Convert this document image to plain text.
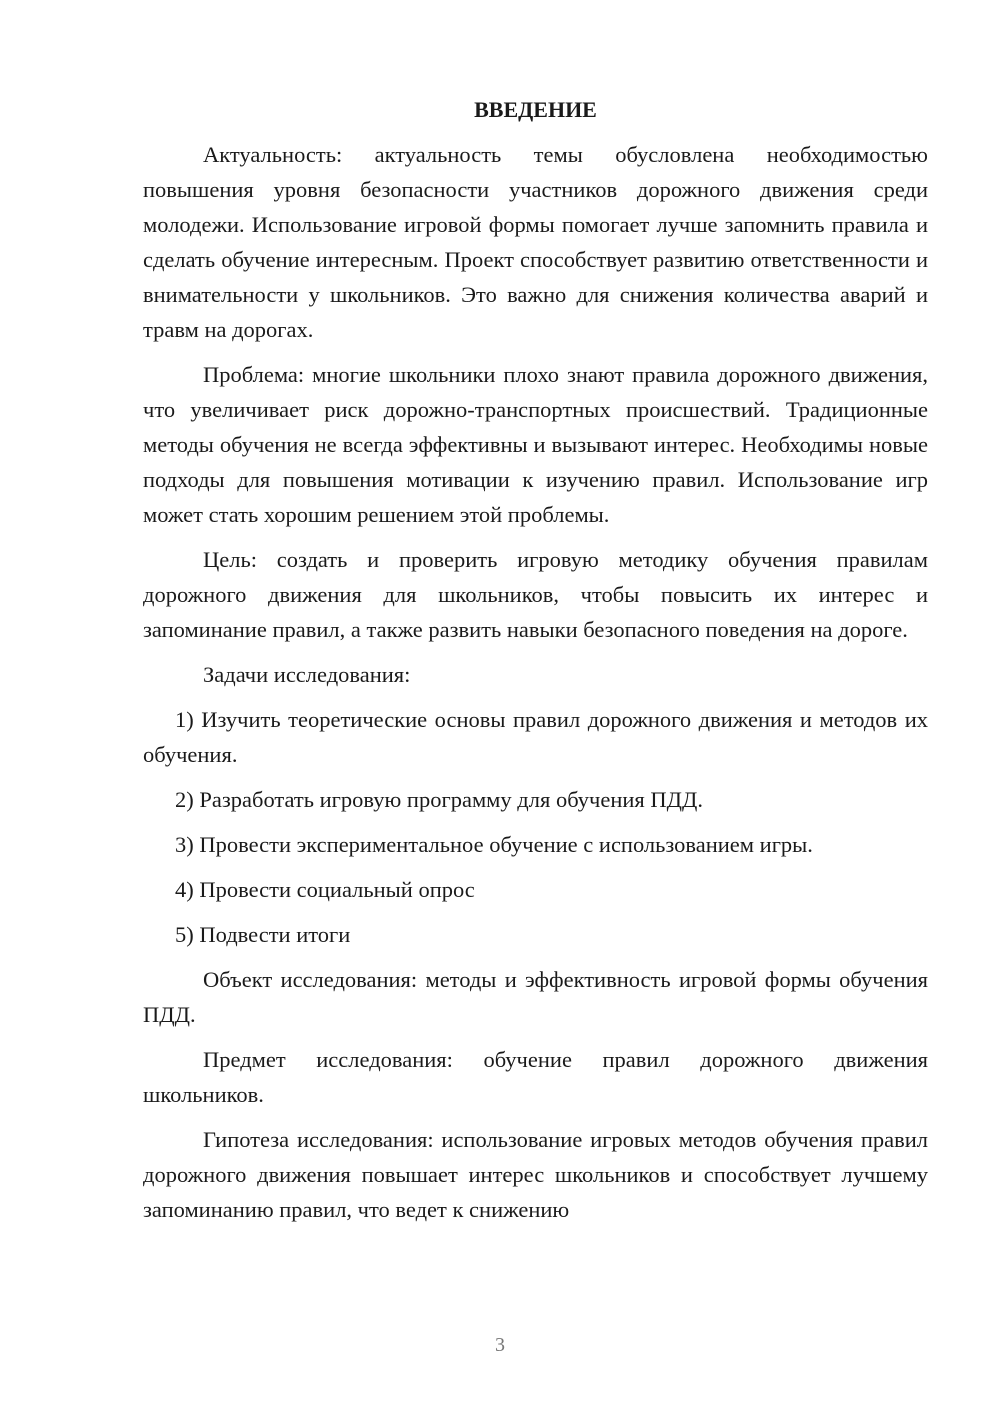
ВВЕДЕНИЕ

Актуальность: актуальность темы обусловлена необходимостью повышения уровня безопасности участников дорожного движения среди молодежи. Использование игровой формы помогает лучше запомнить правила и сделать обучение интересным. Проект способствует развитию ответственности и внимательности у школьников. Это важно для снижения количества аварий и травм на дорогах.

Проблема: многие школьники плохо знают правила дорожного движения, что увеличивает риск дорожно-транспортных происшествий. Традиционные методы обучения не всегда эффективны и вызывают интерес. Необходимы новые подходы для повышения мотивации к изучению правил. Использование игр может стать хорошим решением этой проблемы.

Цель: создать и проверить игровую методику обучения правилам дорожного движения для школьников, чтобы повысить их интерес и запоминание правил, а также развить навыки безопасного поведения на дороге.

Задачи исследования:

1) Изучить теоретические основы правил дорожного движения и методов их обучения.

2) Разработать игровую программу для обучения ПДД.

3) Провести экспериментальное обучение с использованием игры.

4) Провести социальный опрос

5) Подвести итоги

Объект исследования: методы и эффективность игровой формы обучения ПДД.

Предмет исследования: обучение правил дорожного движения школьников.

Гипотеза исследования: использование игровых методов обучения правил дорожного движения повышает интерес школьников и способствует лучшему запоминанию правил, что ведет к снижению

3
